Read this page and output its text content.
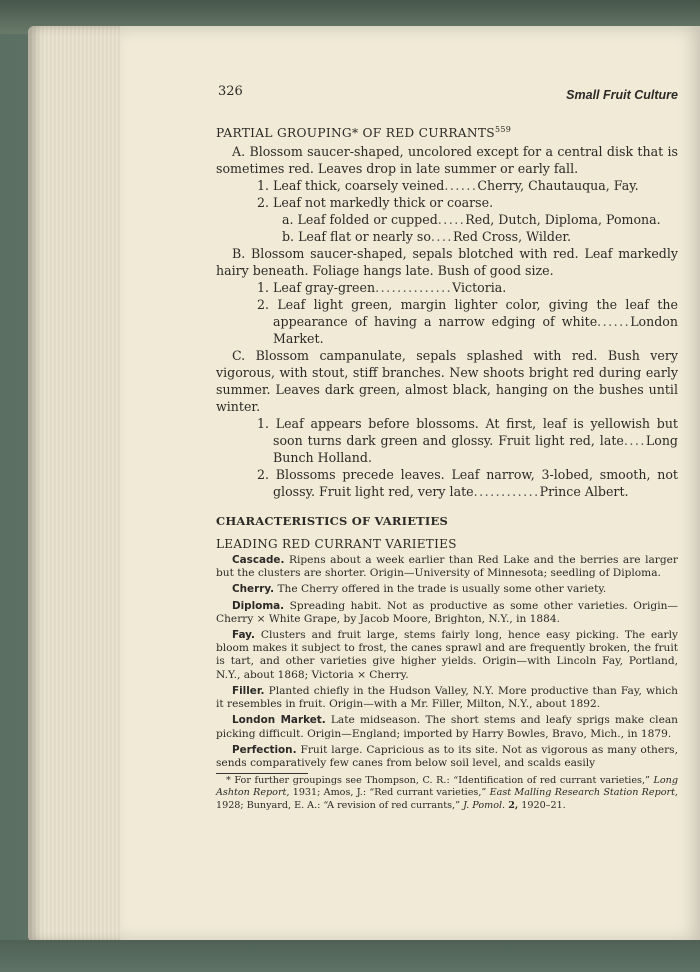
326	Small Fruit Culture
PARTIAL GROUPING* OF RED CURRANTS$^{559}$

A. Blossom saucer-shaped, uncolored except for a central disk that is sometimes red. Leaves drop in late summer or early fall.

1. Leaf thick, coarsely veined......Cherry, Chautauqua, Fay.

2. Leaf not markedly thick or coarse.

a. Leaf folded or cupped.....Red, Dutch, Diploma, Pomona.

b. Leaf flat or nearly so....Red Cross, Wilder.

B. Blossom saucer-shaped, sepals blotched with red. Leaf markedly hairy beneath. Foliage hangs late. Bush of good size.

1. Leaf gray-green..............Victoria.

2. Leaf light green, margin lighter color, giving the leaf the appearance of having a narrow edging of white......London Market.

C. Blossom campanulate, sepals splashed with red. Bush very vigorous, with stout, stiff branches. New shoots bright red during early summer. Leaves dark green, almost black, hanging on the bushes until winter.

1. Leaf appears before blossoms. At first, leaf is yellowish but soon turns dark green and glossy. Fruit light red, late....Long Bunch Holland.

2. Blossoms precede leaves. Leaf narrow, 3-lobed, smooth, not glossy. Fruit light red, very late............Prince Albert.

CHARACTERISTICS OF VARIETIES
LEADING RED CURRANT VARIETIES

Cascade. Ripens about a week earlier than Red Lake and the berries are larger but the clusters are shorter. Origin—University of Minnesota; seedling of Diploma.

Cherry. The Cherry offered in the trade is usually some other variety.

Diploma. Spreading habit. Not as productive as some other varieties. Origin—Cherry × White Grape, by Jacob Moore, Brighton, N.Y., in 1884.

Fay. Clusters and fruit large, stems fairly long, hence easy picking. The early bloom makes it subject to frost, the canes sprawl and are frequently broken, the fruit is tart, and other varieties give higher yields. Origin—with Lincoln Fay, Portland, N.Y., about 1868; Victoria × Cherry.

Filler. Planted chiefly in the Hudson Valley, N.Y. More productive than Fay, which it resembles in fruit. Origin—with a Mr. Filler, Milton, N.Y., about 1892.

London Market. Late midseason. The short stems and leafy sprigs make clean picking difficult. Origin—England; imported by Harry Bowles, Bravo, Mich., in 1879.

Perfection. Fruit large. Capricious as to its site. Not as vigorous as many others, sends comparatively few canes from below soil level, and scalds easily

* For further groupings see Thompson, C. R.: “Identification of red currant varieties,” Long Ashton Report, 1931; Amos, J.: “Red currant varieties,” East Malling Research Station Report, 1928; Bunyard, E. A.: “A revision of red currants,” J. Pomol. 2, 1920–21.
